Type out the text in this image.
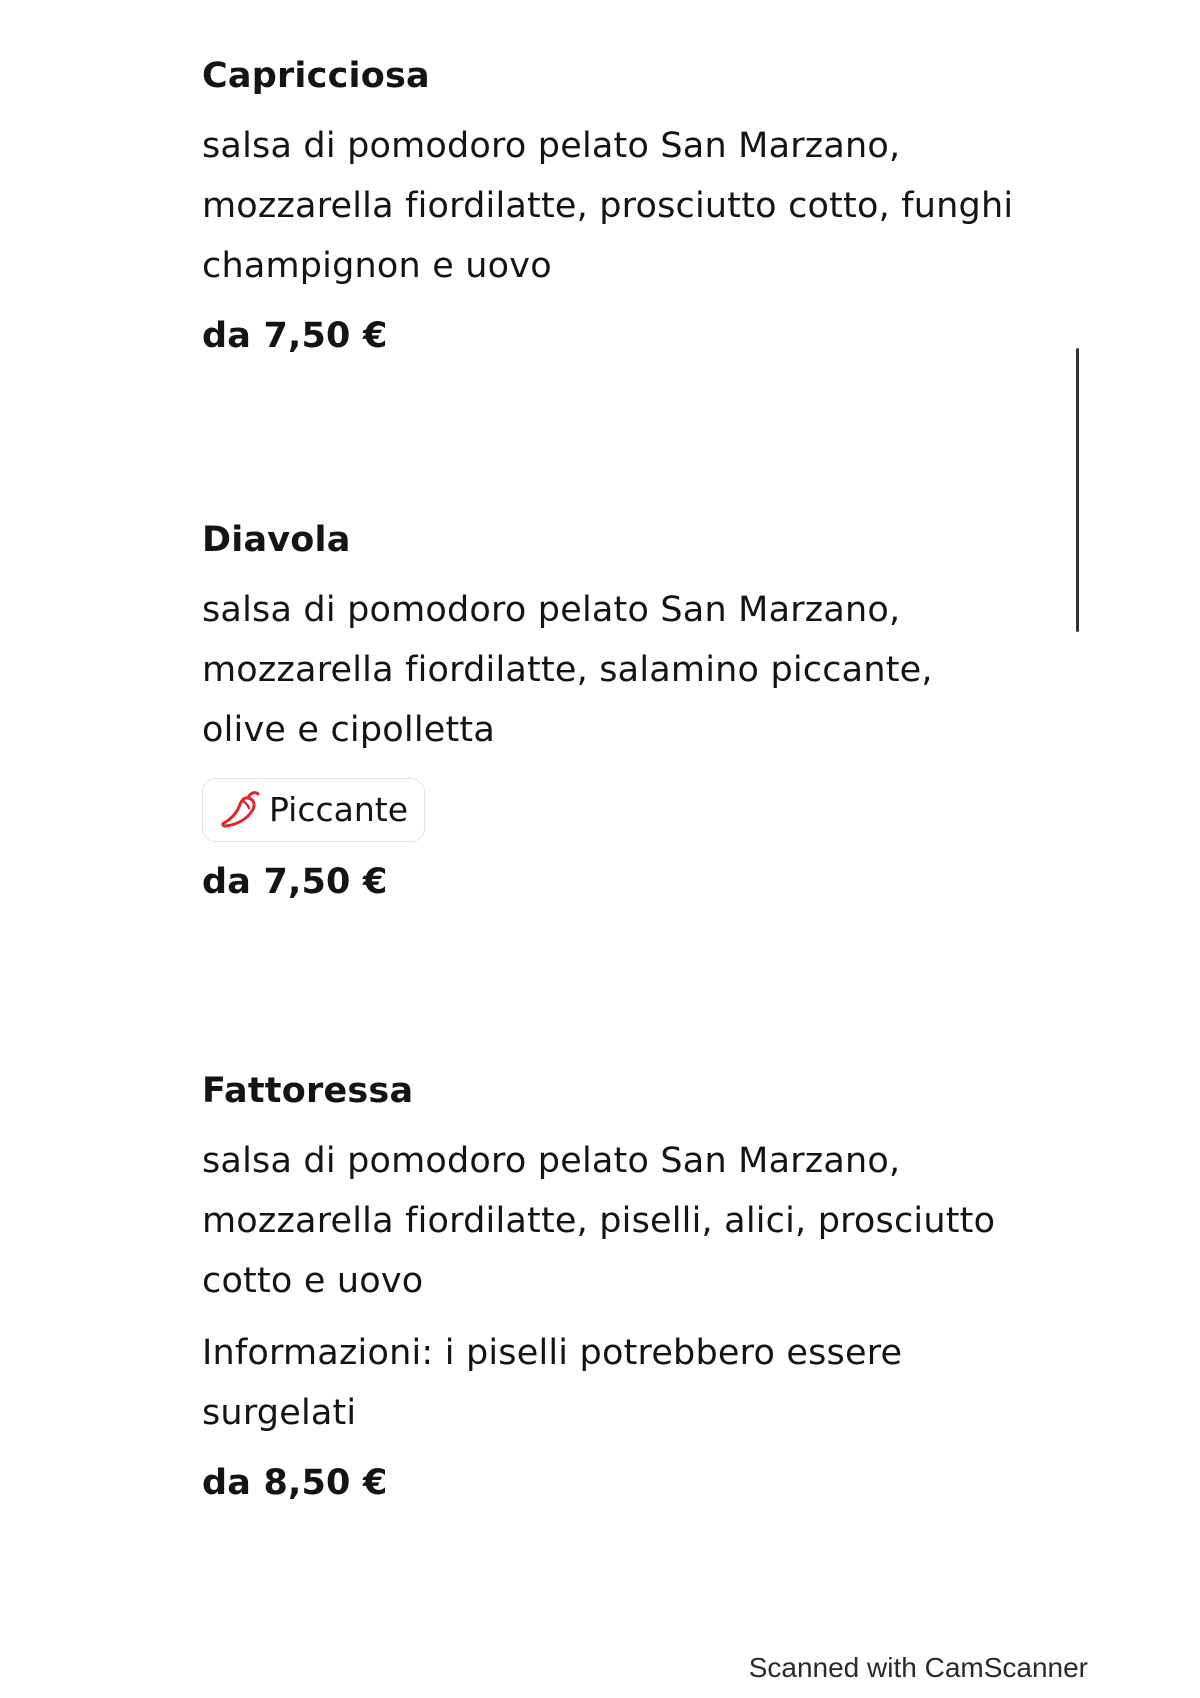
Capricciosa

salsa di pomodoro pelato San Marzano,
mozzarella fiordilatte, prosciutto cotto, funghi
champignon e uovo

da 7,50 €
Diavola

salsa di pomodoro pelato San Marzano,
mozzarella fiordilatte, salamino piccante,
olive e cipolletta

Piccante
da 7,50 €
Fattoressa

salsa di pomodoro pelato San Marzano,
mozzarella fiordilatte, piselli, alici, prosciutto
cotto e uovo

Informazioni: i piselli potrebbero essere
surgelati

da 8,50 €
Scanned with CamScanner
